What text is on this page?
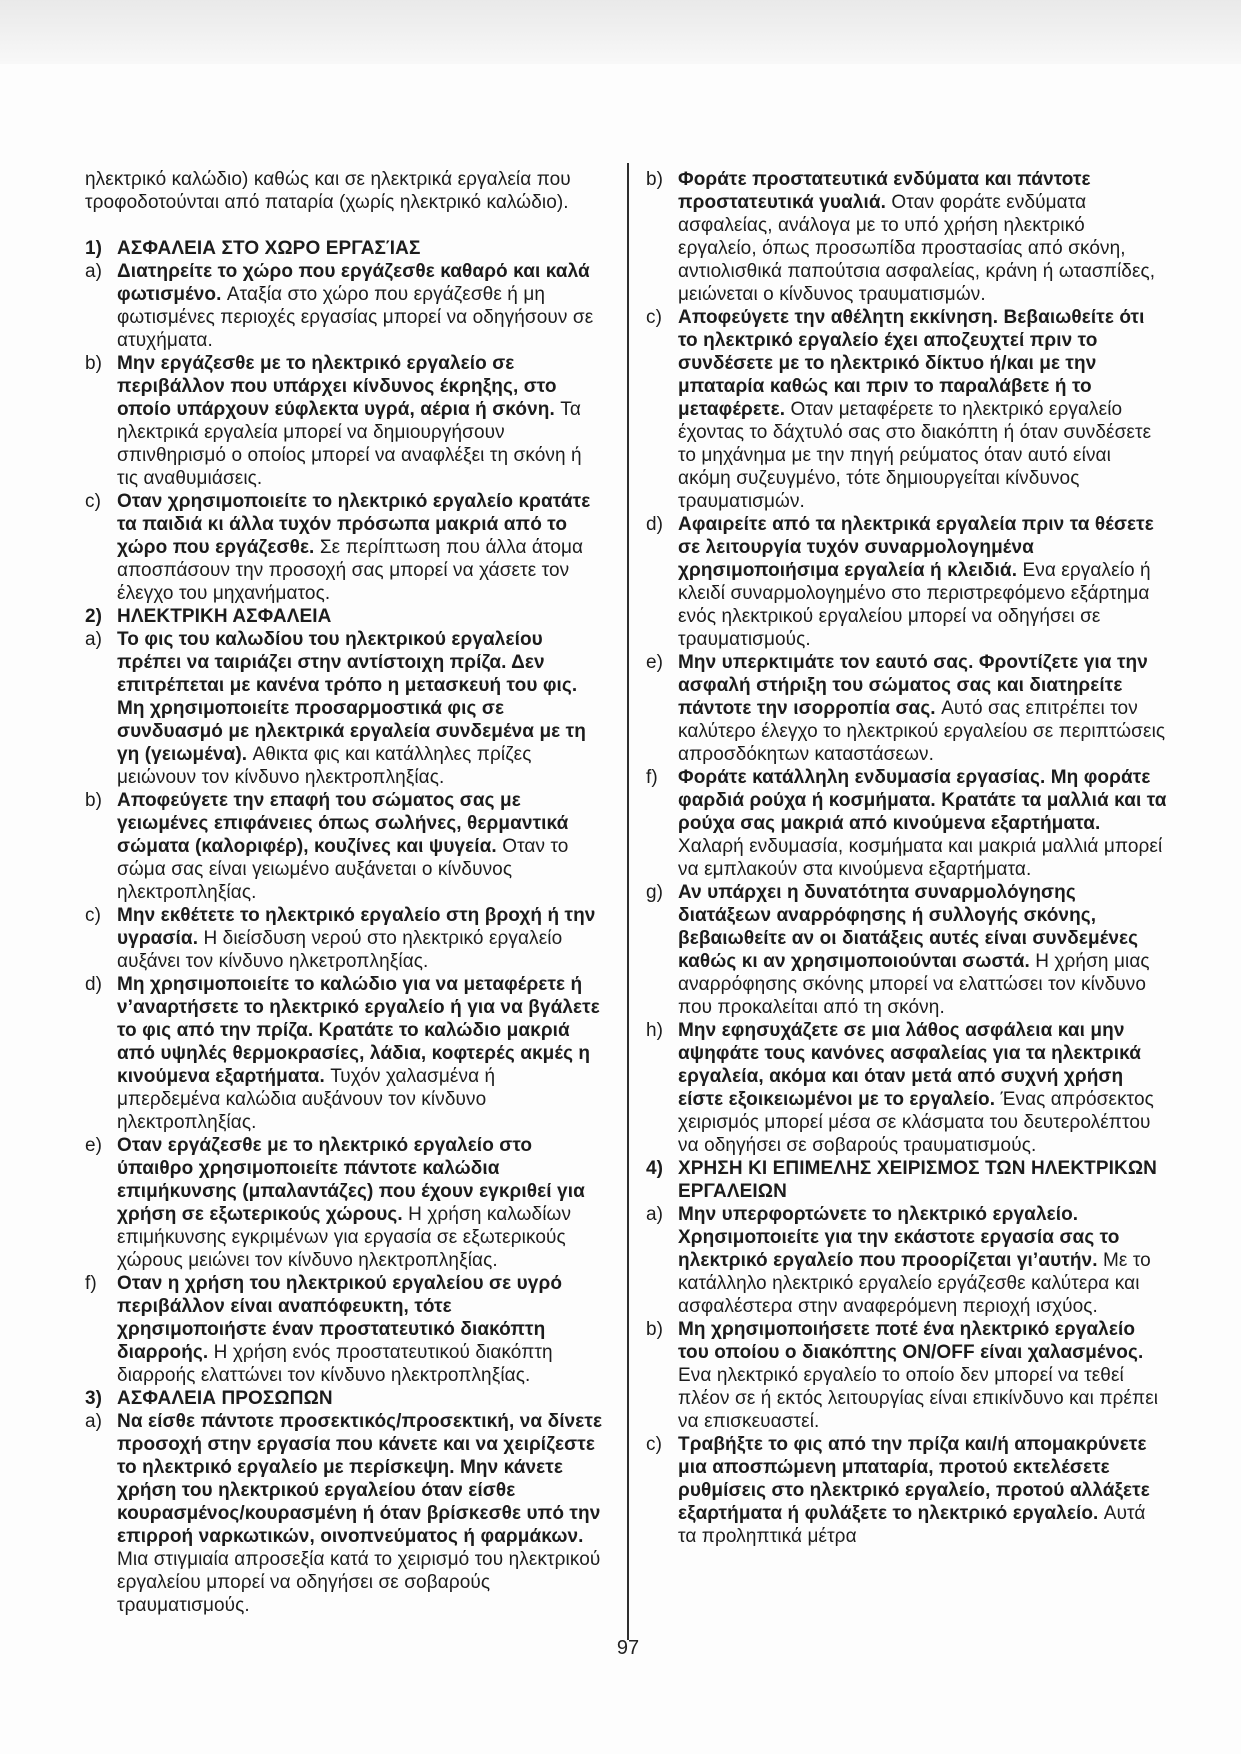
ηλεκτρικό καλώδιο) καθώς και σε ηλεκτρικά εργαλεία που τροφοδοτούνται από παταρία (χωρίς ηλεκτρικό καλώδιο).
1) ΑΣΦΑΛΕΙΑ ΣΤΟ ΧΩΡΟ ΕΡΓΑΣΊΑΣ
a) Διατηρείτε το χώρο που εργάζεσθε καθαρό και καλά φωτισμένο. Αταξία στο χώρο που εργάζεσθε ή μη φωτισμένες περιοχές εργασίας μπορεί να οδηγήσουν σε ατυχήματα.
b) Μην εργάζεσθε με το ηλεκτρικό εργαλείο σε περιβάλλον που υπάρχει κίνδυνος έκρηξης, στο οποίο υπάρχουν εύφλεκτα υγρά, αέρια ή σκόνη. Τα ηλεκτρικά εργαλεία μπορεί να δημιουργήσουν σπινθηρισμό ο οποίος μπορεί να αναφλέξει τη σκόνη ή τις αναθυμιάσεις.
c) Οταν χρησιμοποιείτε το ηλεκτρικό εργαλείο κρατάτε τα παιδιά κι άλλα τυχόν πρόσωπα μακριά από το χώρο που εργάζεσθε. Σε περίπτωση που άλλα άτομα αποσπάσουν την προσοχή σας μπορεί να χάσετε τον έλεγχο του μηχανήματος.
2) ΗΛΕΚΤΡΙΚΗ ΑΣΦΑΛΕΙΑ
a) Το φις του καλωδίου του ηλεκτρικού εργαλείου πρέπει να ταιριάζει στην αντίστοιχη πρίζα. Δεν επιτρέπεται με κανένα τρόπο η μετασκευή του φις. Μη χρησιμοποιείτε προσαρμοστικά φις σε συνδυασμό με ηλεκτρικά εργαλεία συνδεμένα με τη γη (γειωμένα). Αθικτα φις και κατάλληλες πρίζες μειώνουν τον κίνδυνο ηλεκτροπληξίας.
b) Αποφεύγετε την επαφή του σώματος σας με γειωμένες επιφάνειες όπως σωλήνες, θερμαντικά σώματα (καλοριφέρ), κουζίνες και ψυγεία. Οταν το σώμα σας είναι γειωμένο αυξάνεται ο κίνδυνος ηλεκτροπληξίας.
c) Μην εκθέτετε το ηλεκτρικό εργαλείο στη βροχή ή την υγρασία. Η διείσδυση νερού στο ηλεκτρικό εργαλείο αυξάνει τον κίνδυνο ηλκετροπληξίας.
d) Μη χρησιμοποιείτε το καλώδιο για να μεταφέρετε ή ν’αναρτήσετε το ηλεκτρικό εργαλείο ή για να βγάλετε το φις από την πρίζα. Κρατάτε το καλώδιο μακριά από υψηλές θερμοκρασίες, λάδια, κοφτερές ακμές η κινούμενα εξαρτήματα. Τυχόν χαλασμένα ή μπερδεμένα καλώδια αυξάνουν τον κίνδυνο ηλεκτροπληξίας.
e) Οταν εργάζεσθε με το ηλεκτρικό εργαλείο στο ύπαιθρο χρησιμοποιείτε πάντοτε καλώδια επιμήκυνσης (μπαλαντάζες) που έχουν εγκριθεί για χρήση σε εξωτερικούς χώρους. Η χρήση καλωδίων επιμήκυνσης εγκριμένων για εργασία σε εξωτερικούς χώρους μειώνει τον κίνδυνο ηλεκτροπληξίας.
f) Οταν η χρήση του ηλεκτρικού εργαλείου σε υγρό περιβάλλον είναι αναπόφευκτη, τότε χρησιμοποιήστε έναν προστατευτικό διακόπτη διαρροής. Η χρήση ενός προστατευτικού διακόπτη διαρροής ελαττώνει τον κίνδυνο ηλεκτροπληξίας.
3) ΑΣΦΑΛΕΙΑ ΠΡΟΣΩΠΩΝ
a) Να είσθε πάντοτε προσεκτικός/προσεκτική, να δίνετε προσοχή στην εργασία που κάνετε και να χειρίζεστε το ηλεκτρικό εργαλείο με περίσκεψη. Μην κάνετε χρήση του ηλεκτρικού εργαλείου όταν είσθε κουρασμένος/κουρασμένη ή όταν βρίσκεσθε υπό την επιρροή ναρκωτικών, οινοπνεύματος ή φαρμάκων. Μια στιγμιαία απροσεξία κατά το χειρισμό του ηλεκτρικού εργαλείου μπορεί να οδηγήσει σε σοβαρούς τραυματισμούς.
b) Φοράτε προστατευτικά ενδύματα και πάντοτε προστατευτικά γυαλιά. Οταν φοράτε ενδύματα ασφαλείας, ανάλογα με το υπό χρήση ηλεκτρικό εργαλείο, όπως προσωπίδα προστασίας από σκόνη, αντιολισθικά παπούτσια ασφαλείας, κράνη ή ωτασπίδες, μειώνεται ο κίνδυνος τραυματισμών.
c) Αποφεύγετε την αθέλητη εκκίνηση. Βεβαιωθείτε ότι το ηλεκτρικό εργαλείο έχει αποζευχτεί πριν το συνδέσετε με το ηλεκτρικό δίκτυο ή/και με την μπαταρία καθώς και πριν το παραλάβετε ή το μεταφέρετε. Οταν μεταφέρετε το ηλεκτρικό εργαλείο έχοντας το δάχτυλό σας στο διακόπτη ή όταν συνδέσετε το μηχάνημα με την πηγή ρεύματος όταν αυτό είναι ακόμη συζευγμένο, τότε δημιουργείται κίνδυνος τραυματισμών.
d) Αφαιρείτε από τα ηλεκτρικά εργαλεία πριν τα θέσετε σε λειτουργία τυχόν συναρμολογημένα χρησιμοποιήσιμα εργαλεία ή κλειδιά. Ενα εργαλείο ή κλειδί συναρμολογημένο στο περιστρεφόμενο εξάρτημα ενός ηλεκτρικού εργαλείου μπορεί να οδηγήσει σε τραυματισμούς.
e) Μην υπερκτιμάτε τον εαυτό σας. Φροντίζετε για την ασφαλή στήριξη του σώματος σας και διατηρείτε πάντοτε την ισορροπία σας. Αυτό σας επιτρέπει τον καλύτερο έλεγχο το ηλεκτρικού εργαλείου σε περιπτώσεις απροσδόκητων καταστάσεων.
f) Φοράτε κατάλληλη ενδυμασία εργασίας. Μη φοράτε φαρδιά ρούχα ή κοσμήματα. Κρατάτε τα μαλλιά και τα ρούχα σας μακριά από κινούμενα εξαρτήματα. Χαλαρή ενδυμασία, κοσμήματα και μακριά μαλλιά μπορεί να εμπλακούν στα κινούμενα εξαρτήματα.
g) Αν υπάρχει η δυνατότητα συναρμολόγησης διατάξεων αναρρόφησης ή συλλογής σκόνης, βεβαιωθείτε αν οι διατάξεις αυτές είναι συνδεμένες καθώς κι αν χρησιμοποιούνται σωστά. Η χρήση μιας αναρρόφησης σκόνης μπορεί να ελαττώσει τον κίνδυνο που προκαλείται από τη σκόνη.
h) Μην εφησυχάζετε σε μια λάθος ασφάλεια και μην αψηφάτε τους κανόνες ασφαλείας για τα ηλεκτρικά εργαλεία, ακόμα και όταν μετά από συχνή χρήση είστε εξοικειωμένοι με το εργαλείο. Ένας απρόσεκτος χειρισμός μπορεί μέσα σε κλάσματα του δευτερολέπτου να οδηγήσει σε σοβαρούς τραυματισμούς.
4) ΧΡΗΣΗ ΚΙ ΕΠΙΜΕΛΗΣ ΧΕΙΡΙΣΜΟΣ ΤΩΝ ΗΛΕΚΤΡΙΚΩΝ ΕΡΓΑΛΕΙΩΝ
a) Μην υπερφορτώνετε το ηλεκτρικό εργαλείο. Χρησιμοποιείτε για την εκάστοτε εργασία σας το ηλεκτρικό εργαλείο που προορίζεται γι’αυτήν. Με το κατάλληλο ηλεκτρικό εργαλείο εργάζεσθε καλύτερα και ασφαλέστερα στην αναφερόμενη περιοχή ισχύος.
b) Μη χρησιμοποιήσετε ποτέ ένα ηλεκτρικό εργαλείο του οποίου ο διακόπτης ON/OFF είναι χαλασμένος. Ενα ηλεκτρικό εργαλείο το οποίο δεν μπορεί να τεθεί πλέον σε ή εκτός λειτουργίας είναι επικίνδυνο και πρέπει να επισκευαστεί.
c) Τραβήξτε το φις από την πρίζα και/ή απομακρύνετε μια αποσπώμενη μπαταρία, προτού εκτελέσετε ρυθμίσεις στο ηλεκτρικό εργαλείο, προτού αλλάξετε εξαρτήματα ή φυλάξετε το ηλεκτρικό εργαλείο. Αυτά τα προληπτικά μέτρα
97
